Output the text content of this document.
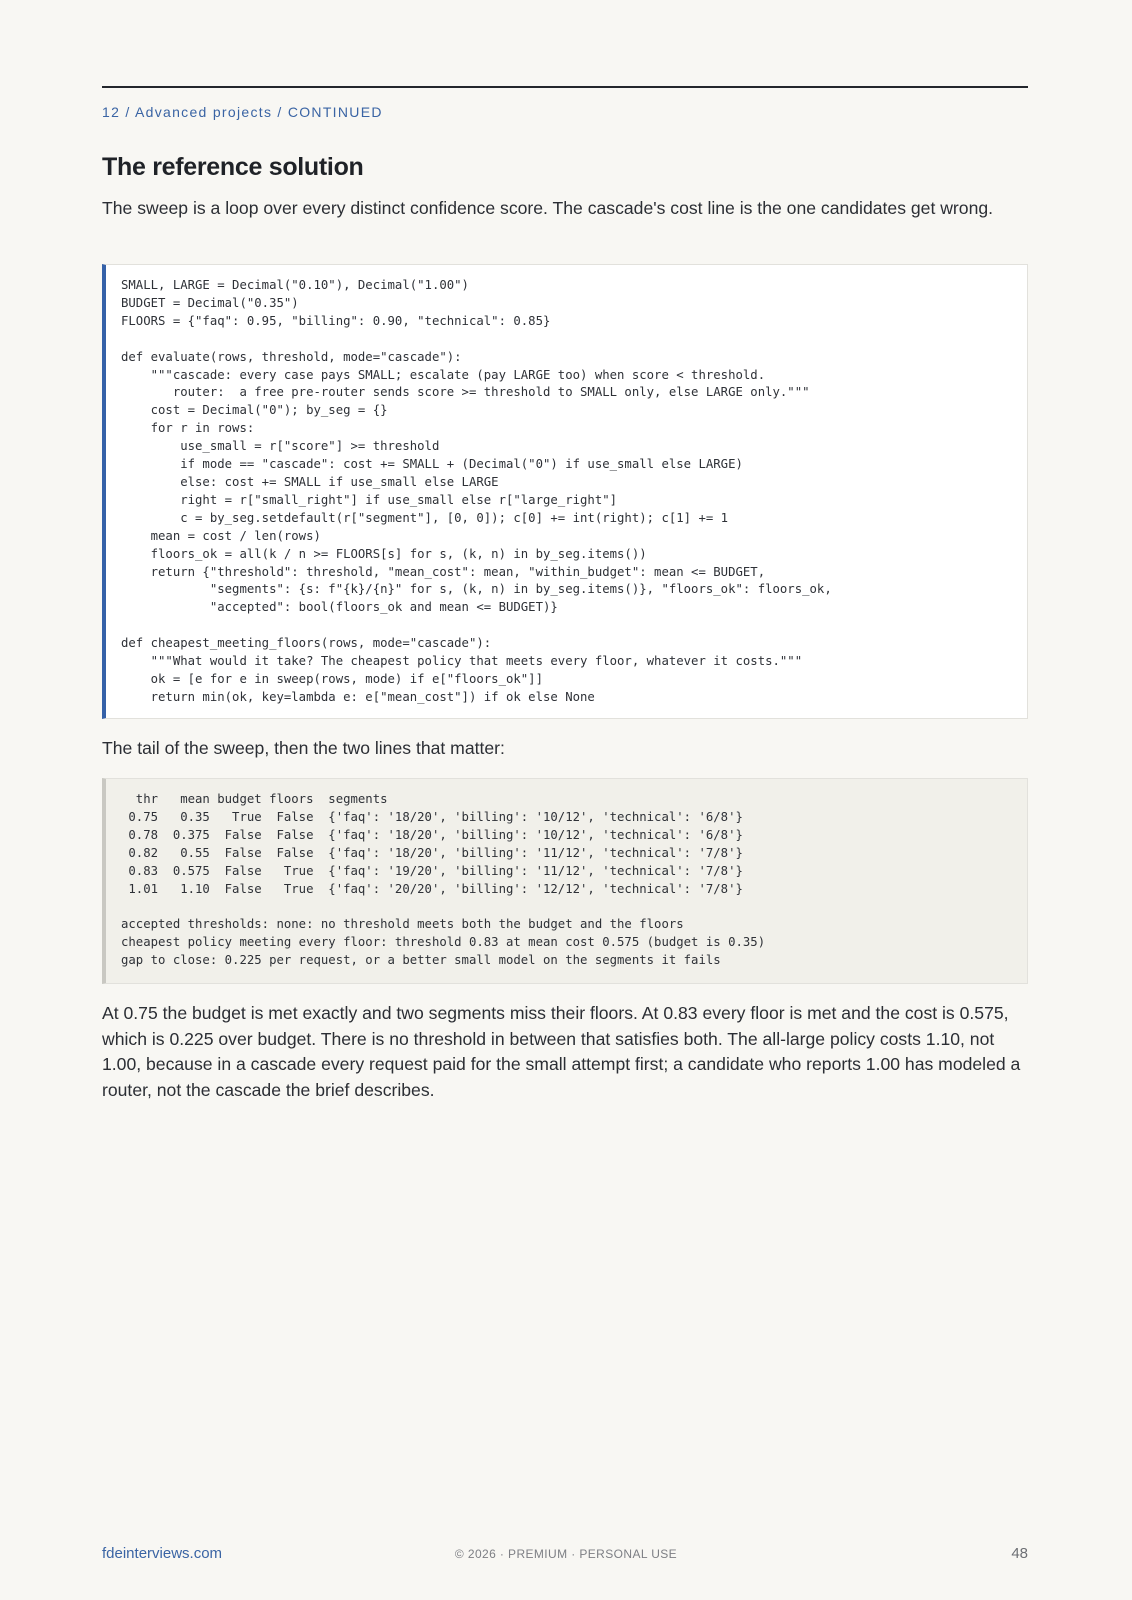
12 / Advanced projects / CONTINUED
The reference solution

The sweep is a loop over every distinct confidence score. The cascade's cost line is the one candidates get wrong.

SMALL, LARGE = Decimal("0.10"), Decimal("1.00")
BUDGET = Decimal("0.35")
FLOORS = {"faq": 0.95, "billing": 0.90, "technical": 0.85}

def evaluate(rows, threshold, mode="cascade"):
"""cascade: every case pays SMALL; escalate (pay LARGE too) when score < threshold.
router:  a free pre-router sends score >= threshold to SMALL only, else LARGE only."""
cost = Decimal("0"); by_seg = {}
for r in rows:
use_small = r["score"] >= threshold
if mode == "cascade": cost += SMALL + (Decimal("0") if use_small else LARGE)
else: cost += SMALL if use_small else LARGE
right = r["small_right"] if use_small else r["large_right"]
c = by_seg.setdefault(r["segment"], [0, 0]); c[0] += int(right); c[1] += 1
mean = cost / len(rows)
floors_ok = all(k / n >= FLOORS[s] for s, (k, n) in by_seg.items())
return {"threshold": threshold, "mean_cost": mean, "within_budget": mean <= BUDGET,
"segments": {s: f"{k}/{n}" for s, (k, n) in by_seg.items()}, "floors_ok": floors_ok,
"accepted": bool(floors_ok and mean <= BUDGET)}

def cheapest_meeting_floors(rows, mode="cascade"):
"""What would it take? The cheapest policy that meets every floor, whatever it costs."""
ok = [e for e in sweep(rows, mode) if e["floors_ok"]]
return min(ok, key=lambda e: e["mean_cost"]) if ok else None

The tail of the sweep, then the two lines that matter:

thr   mean budget floors  segments
0.75   0.35   True  False  {'faq': '18/20', 'billing': '10/12', 'technical': '6/8'}
0.78  0.375  False  False  {'faq': '18/20', 'billing': '10/12', 'technical': '6/8'}
0.82   0.55  False  False  {'faq': '18/20', 'billing': '11/12', 'technical': '7/8'}
0.83  0.575  False   True  {'faq': '19/20', 'billing': '11/12', 'technical': '7/8'}
1.01   1.10  False   True  {'faq': '20/20', 'billing': '12/12', 'technical': '7/8'}

accepted thresholds: none: no threshold meets both the budget and the floors
cheapest policy meeting every floor: threshold 0.83 at mean cost 0.575 (budget is 0.35)
gap to close: 0.225 per request, or a better small model on the segments it fails

At 0.75 the budget is met exactly and two segments miss their floors. At 0.83 every floor is met and the cost is 0.575, which is 0.225 over budget. There is no threshold in between that satisfies both. The all-large policy costs 1.10, not 1.00, because in a cascade every request paid for the small attempt first; a candidate who reports 1.00 has modeled a router, not the cascade the brief describes.

fdeinterviews.com	© 2026 · PREMIUM · PERSONAL USE	48
